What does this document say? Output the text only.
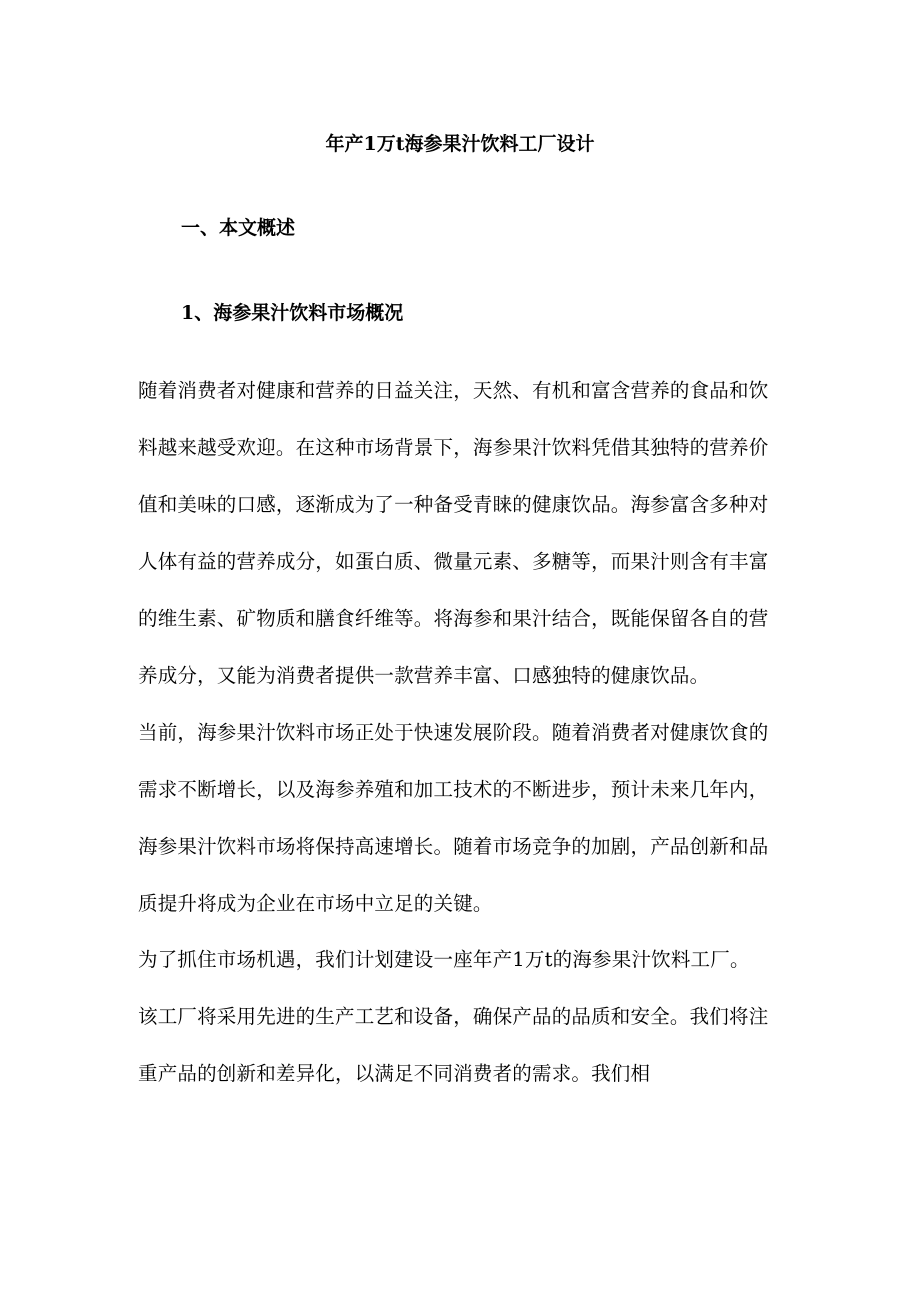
年产1万t海参果汁饮料工厂设计
一、本文概述
1、海参果汁饮料市场概况
随着消费者对健康和营养的日益关注，天然、有机和富含营养的食品和饮
料越来越受欢迎。在这种市场背景下，海参果汁饮料凭借其独特的营养价
值和美味的口感，逐渐成为了一种备受青睐的健康饮品。海参富含多种对
人体有益的营养成分，如蛋白质、微量元素、多糖等，而果汁则含有丰富
的维生素、矿物质和膳食纤维等。将海参和果汁结合，既能保留各自的营
养成分，又能为消费者提供一款营养丰富、口感独特的健康饮品。
当前，海参果汁饮料市场正处于快速发展阶段。随着消费者对健康饮食的
需求不断增长，以及海参养殖和加工技术的不断进步，预计未来几年内，
海参果汁饮料市场将保持高速增长。随着市场竞争的加剧，产品创新和品
质提升将成为企业在市场中立足的关键。
为了抓住市场机遇，我们计划建设一座年产1万t的海参果汁饮料工厂。
该工厂将采用先进的生产工艺和设备，确保产品的品质和安全。我们将注
重产品的创新和差异化，以满足不同消费者的需求。我们相
